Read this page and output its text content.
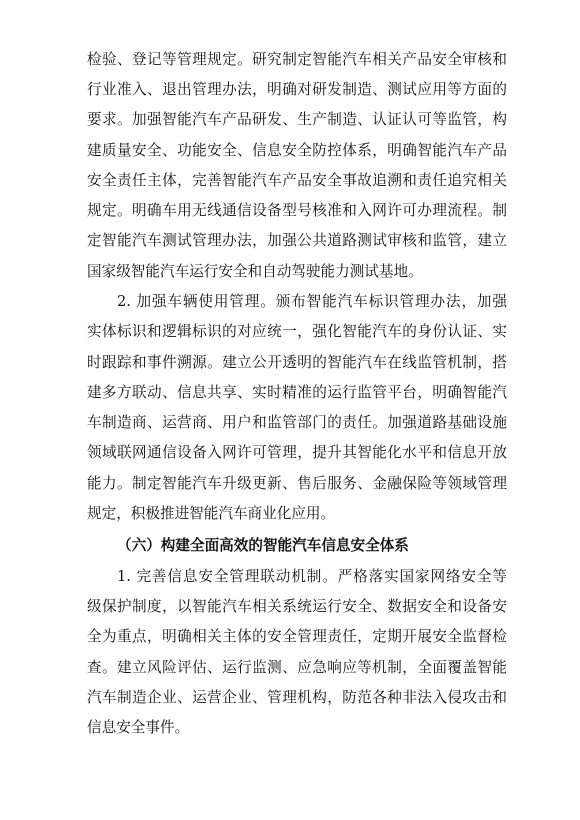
检验、登记等管理规定。研究制定智能汽车相关产品安全审核和
行业准入、退出管理办法，明确对研发制造、测试应用等方面的
要求。加强智能汽车产品研发、生产制造、认证认可等监管，构
建质量安全、功能安全、信息安全防控体系，明确智能汽车产品
安全责任主体，完善智能汽车产品安全事故追溯和责任追究相关
规定。明确车用无线通信设备型号核准和入网许可办理流程。制
定智能汽车测试管理办法，加强公共道路测试审核和监管，建立
国家级智能汽车运行安全和自动驾驶能力测试基地。
2. 加强车辆使用管理。颁布智能汽车标识管理办法，加强
实体标识和逻辑标识的对应统一，强化智能汽车的身份认证、实
时跟踪和事件溯源。建立公开透明的智能汽车在线监管机制，搭
建多方联动、信息共享、实时精准的运行监管平台，明确智能汽
车制造商、运营商、用户和监管部门的责任。加强道路基础设施
领域联网通信设备入网许可管理，提升其智能化水平和信息开放
能力。制定智能汽车升级更新、售后服务、金融保险等领域管理
规定，积极推进智能汽车商业化应用。
（六）构建全面高效的智能汽车信息安全体系
1. 完善信息安全管理联动机制。严格落实国家网络安全等
级保护制度，以智能汽车相关系统运行安全、数据安全和设备安
全为重点，明确相关主体的安全管理责任，定期开展安全监督检
查。建立风险评估、运行监测、应急响应等机制，全面覆盖智能
汽车制造企业、运营企业、管理机构，防范各种非法入侵攻击和
信息安全事件。
